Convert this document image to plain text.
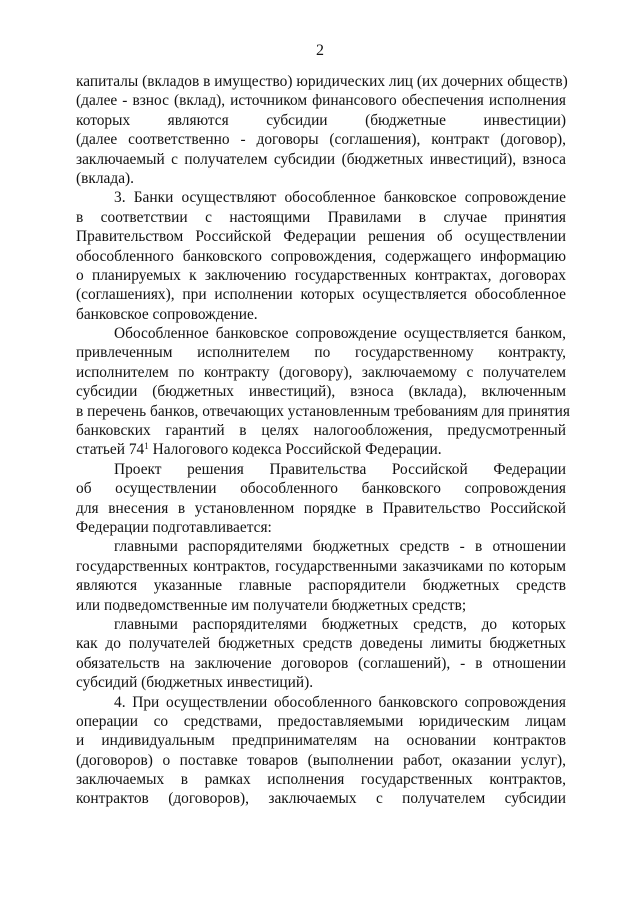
2
капиталы (вкладов в имущество) юридических лиц (их дочерних обществ)
(далее - взнос (вклад), источником финансового обеспечения исполнения
которых являются субсидии (бюджетные инвестиции)
(далее соответственно - договоры (соглашения), контракт (договор),
заключаемый с получателем субсидии (бюджетных инвестиций), взноса
(вклада).
3. Банки осуществляют обособленное банковское сопровождение
в соответствии с настоящими Правилами в случае принятия
Правительством Российской Федерации решения об осуществлении
обособленного банковского сопровождения, содержащего информацию
о планируемых к заключению государственных контрактах, договорах
(соглашениях), при исполнении которых осуществляется обособленное
банковское сопровождение.
Обособленное банковское сопровождение осуществляется банком,
привлеченным исполнителем по государственному контракту,
исполнителем по контракту (договору), заключаемому с получателем
субсидии (бюджетных инвестиций), взноса (вклада), включенным
в перечень банков, отвечающих установленным требованиям для принятия
банковских гарантий в целях налогообложения, предусмотренный
статьей $74^1$ Налогового кодекса Российской Федерации.
Проект решения Правительства Российской Федерации
об осуществлении обособленного банковского сопровождения
для внесения в установленном порядке в Правительство Российской
Федерации подготавливается:
главными распорядителями бюджетных средств - в отношении
государственных контрактов, государственными заказчиками по которым
являются указанные главные распорядители бюджетных средств
или подведомственные им получатели бюджетных средств;
главными распорядителями бюджетных средств, до которых
как до получателей бюджетных средств доведены лимиты бюджетных
обязательств на заключение договоров (соглашений), - в отношении
субсидий (бюджетных инвестиций).
4. При осуществлении обособленного банковского сопровождения
операции со средствами, предоставляемыми юридическим лицам
и индивидуальным предпринимателям на основании контрактов
(договоров) о поставке товаров (выполнении работ, оказании услуг),
заключаемых в рамках исполнения государственных контрактов,
контрактов (договоров), заключаемых с получателем субсидии
